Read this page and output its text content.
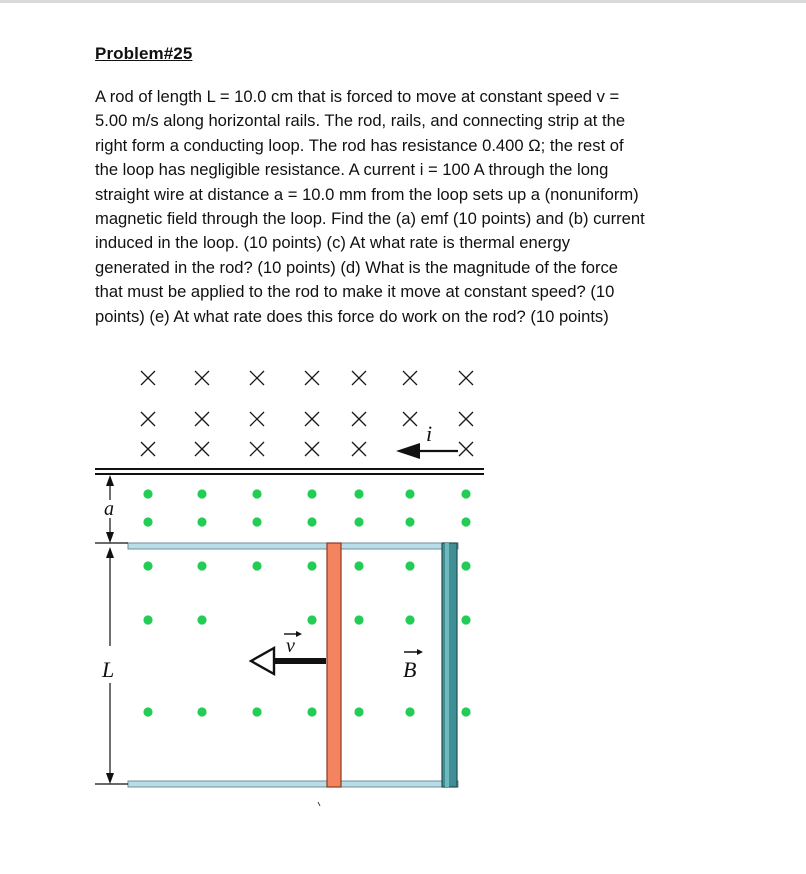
Problem#25

A rod of length L = 10.0 cm that is forced to move at constant speed v =

5.00 m/s along horizontal rails. The rod, rails, and connecting strip at the

right form a conducting loop. The rod has resistance 0.400 Ω; the rest of

the loop has negligible resistance. A current i = 100 A through the long

straight wire at distance a = 10.0 mm from the loop sets up a (nonuniform)

magnetic field through the loop. Find the (a) emf (10 points) and (b) current

induced in the loop. (10 points) (c) At what rate is thermal energy

generated in the rod? (10 points) (d) What is the magnitude of the force

that must be applied to the rod to make it move at constant speed? (10

points) (e) At what rate does this force do work on the rod? (10 points)

i
v
B
a
L
